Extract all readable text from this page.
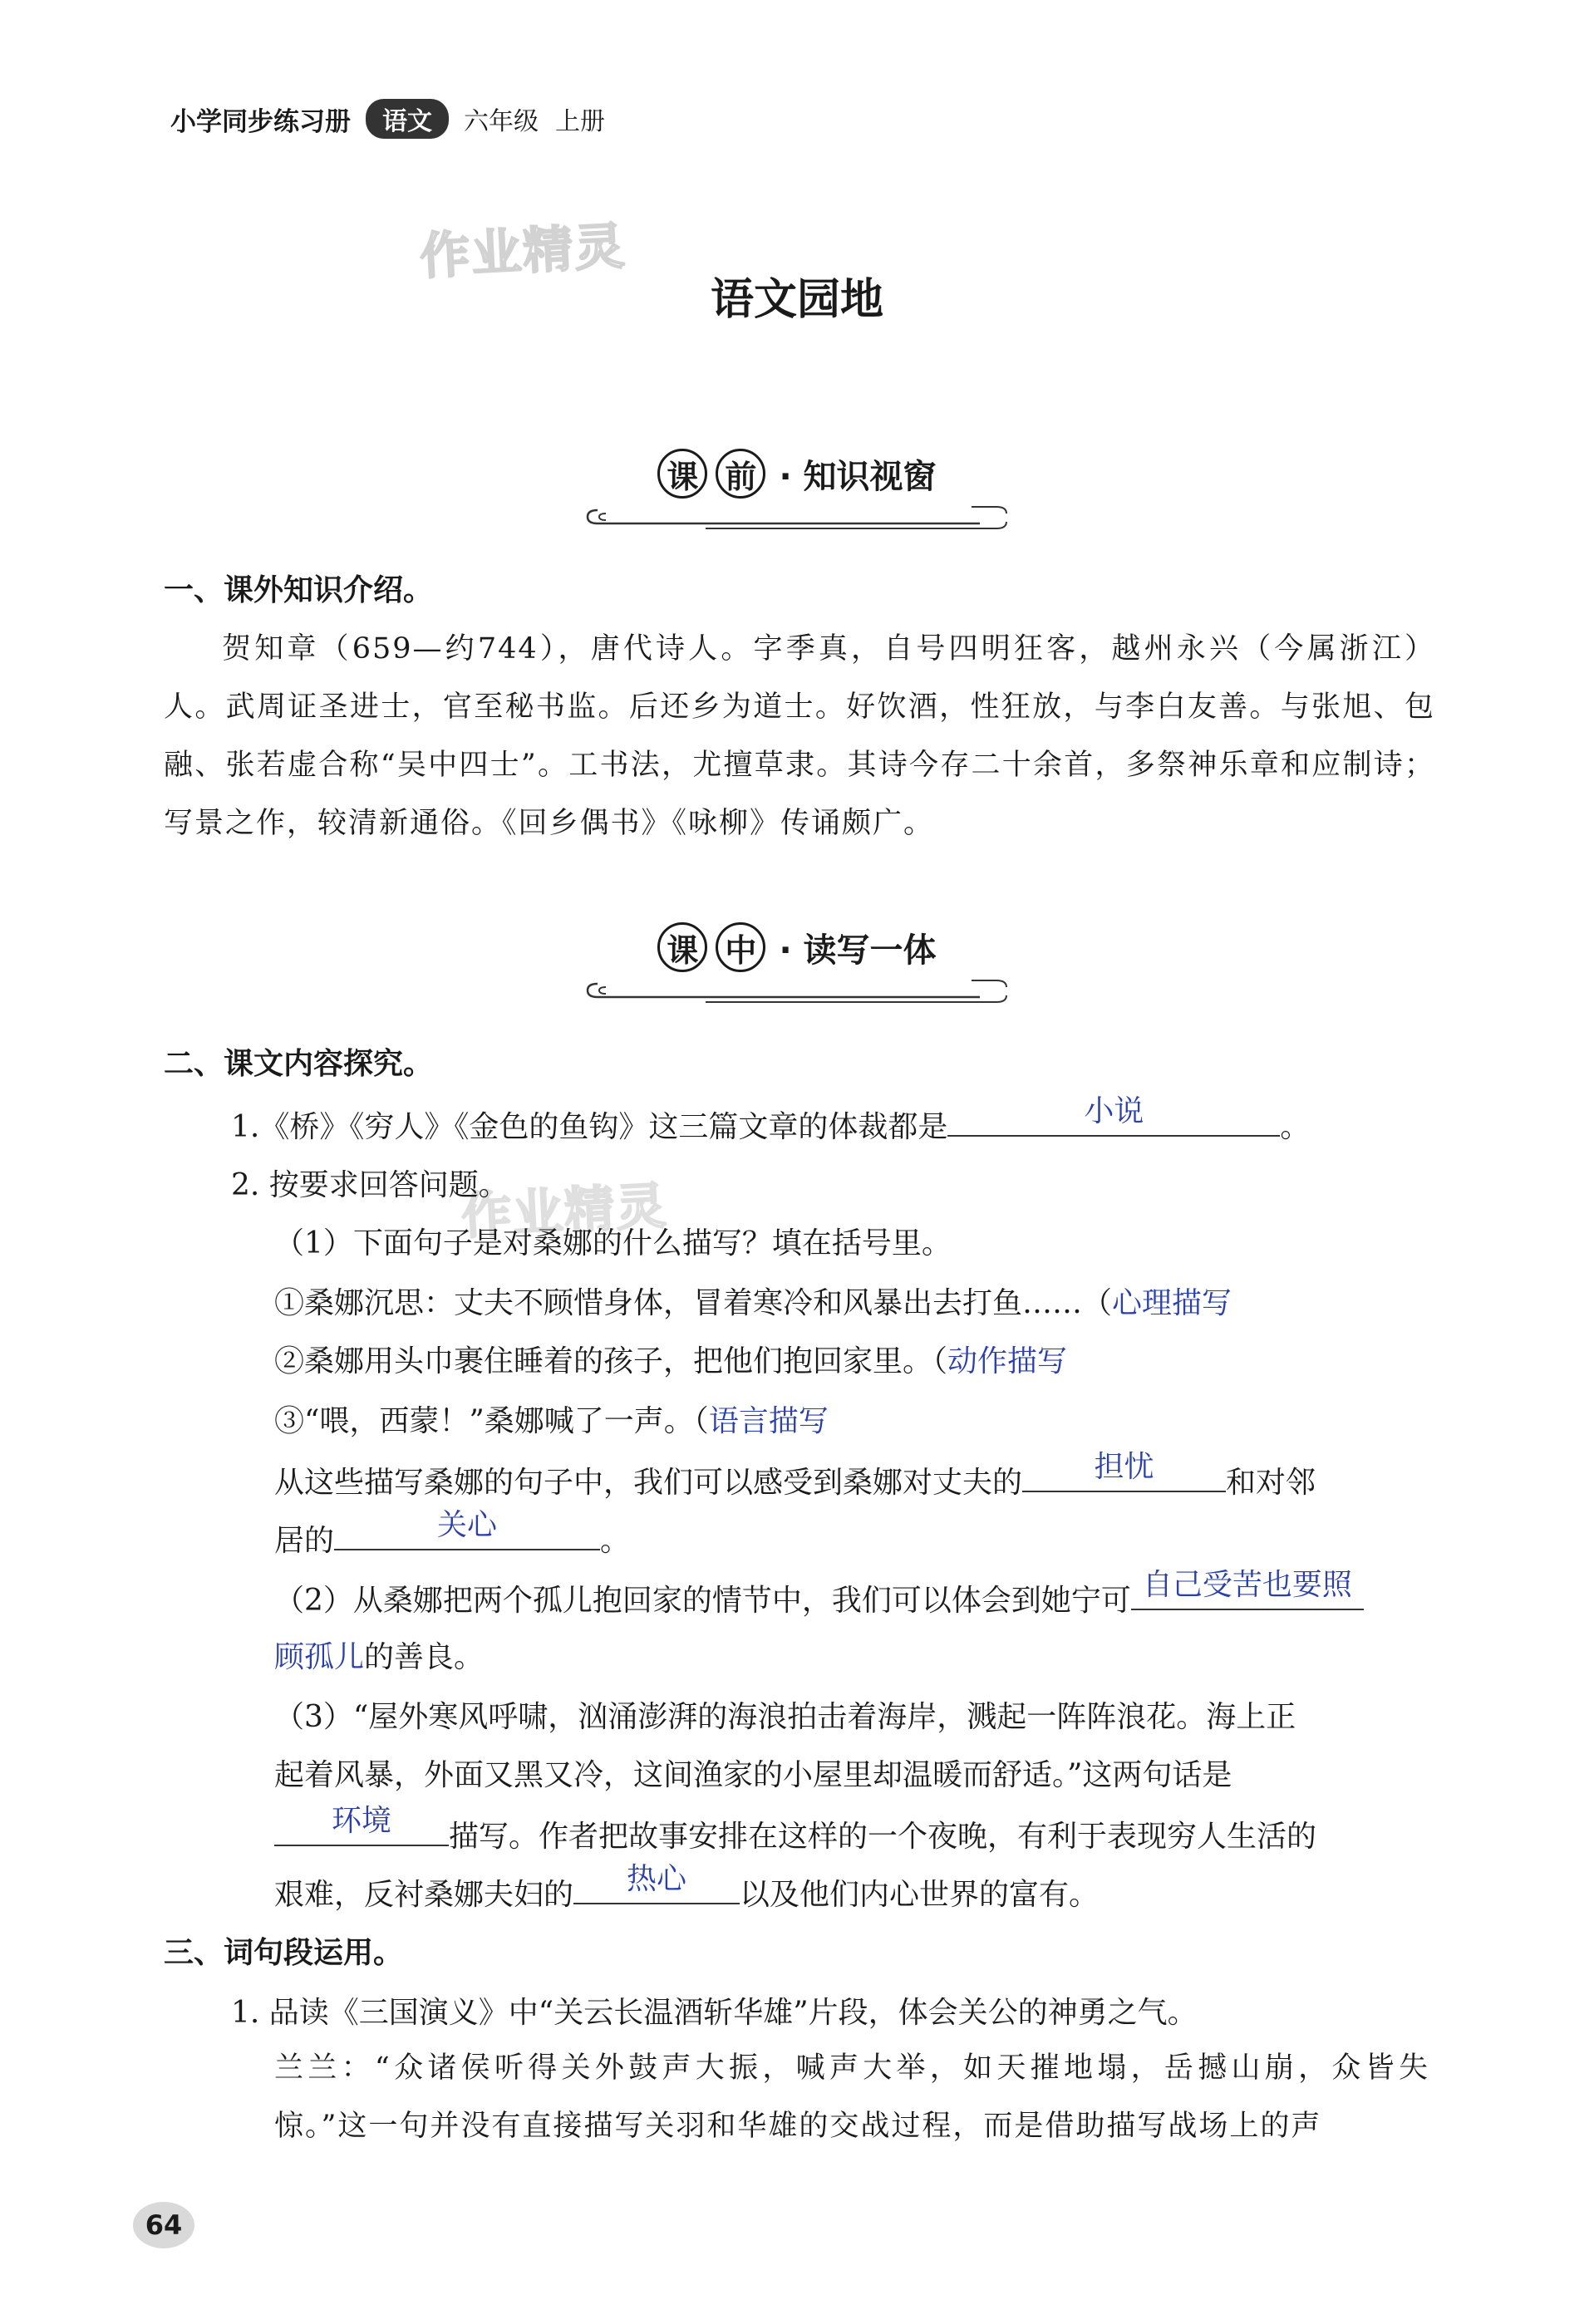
小学同步练习册	语文	六年级 上册
作业精灵
作业精灵
语文园地
课 前 · 知识视窗
一、课外知识介绍。
贺知章（659—约744），唐代诗人。字季真，自号四明狂客，越州永兴（今属浙江）人。武周证圣进士，官至秘书监。后还乡为道士。好饮酒，性狂放，与李白友善。与张旭、包融、张若虚合称“吴中四士”。工书法，尤擅草隶。其诗今存二十余首，多祭神乐章和应制诗；写景之作，较清新通俗。《回乡偶书》《咏柳》传诵颇广。
课 中 · 读写一体
二、课文内容探究。
1.《桥》《穷人》《金色的鱼钩》这三篇文章的体裁都是	小说	。
2. 按要求回答问题。
（1）下面句子是对桑娜的什么描写？填在括号里。
①桑娜沉思：丈夫不顾惜身体，冒着寒冷和风暴出去打鱼……（心理描写
②桑娜用头巾裹住睡着的孩子，把他们抱回家里。（动作描写
③“喂，西蒙！”桑娜喊了一声。（语言描写
从这些描写桑娜的句子中，我们可以感受到桑娜对丈夫的	担忧	和对邻
居的	关心	。
（2）从桑娜把两个孤儿抱回家的情节中，我们可以体会到她宁可 自己受苦也要照
顾孤儿的善良。
（3）“屋外寒风呼啸，汹涌澎湃的海浪拍击着海岸，溅起一阵阵浪花。海上正
起着风暴，外面又黑又冷，这间渔家的小屋里却温暖而舒适。”这两句话是
环境	描写。作者把故事安排在这样的一个夜晚，有利于表现穷人生活的
艰难，反衬桑娜夫妇的	热心	以及他们内心世界的富有。
三、词句段运用。
1. 品读《三国演义》中“关云长温酒斩华雄”片段，体会关公的神勇之气。
兰兰：“众诸侯听得关外鼓声大振，喊声大举，如天摧地塌，岳撼山崩，众皆失惊。”这一句并没有直接描写关羽和华雄的交战过程，而是借助描写战场上的声
64
